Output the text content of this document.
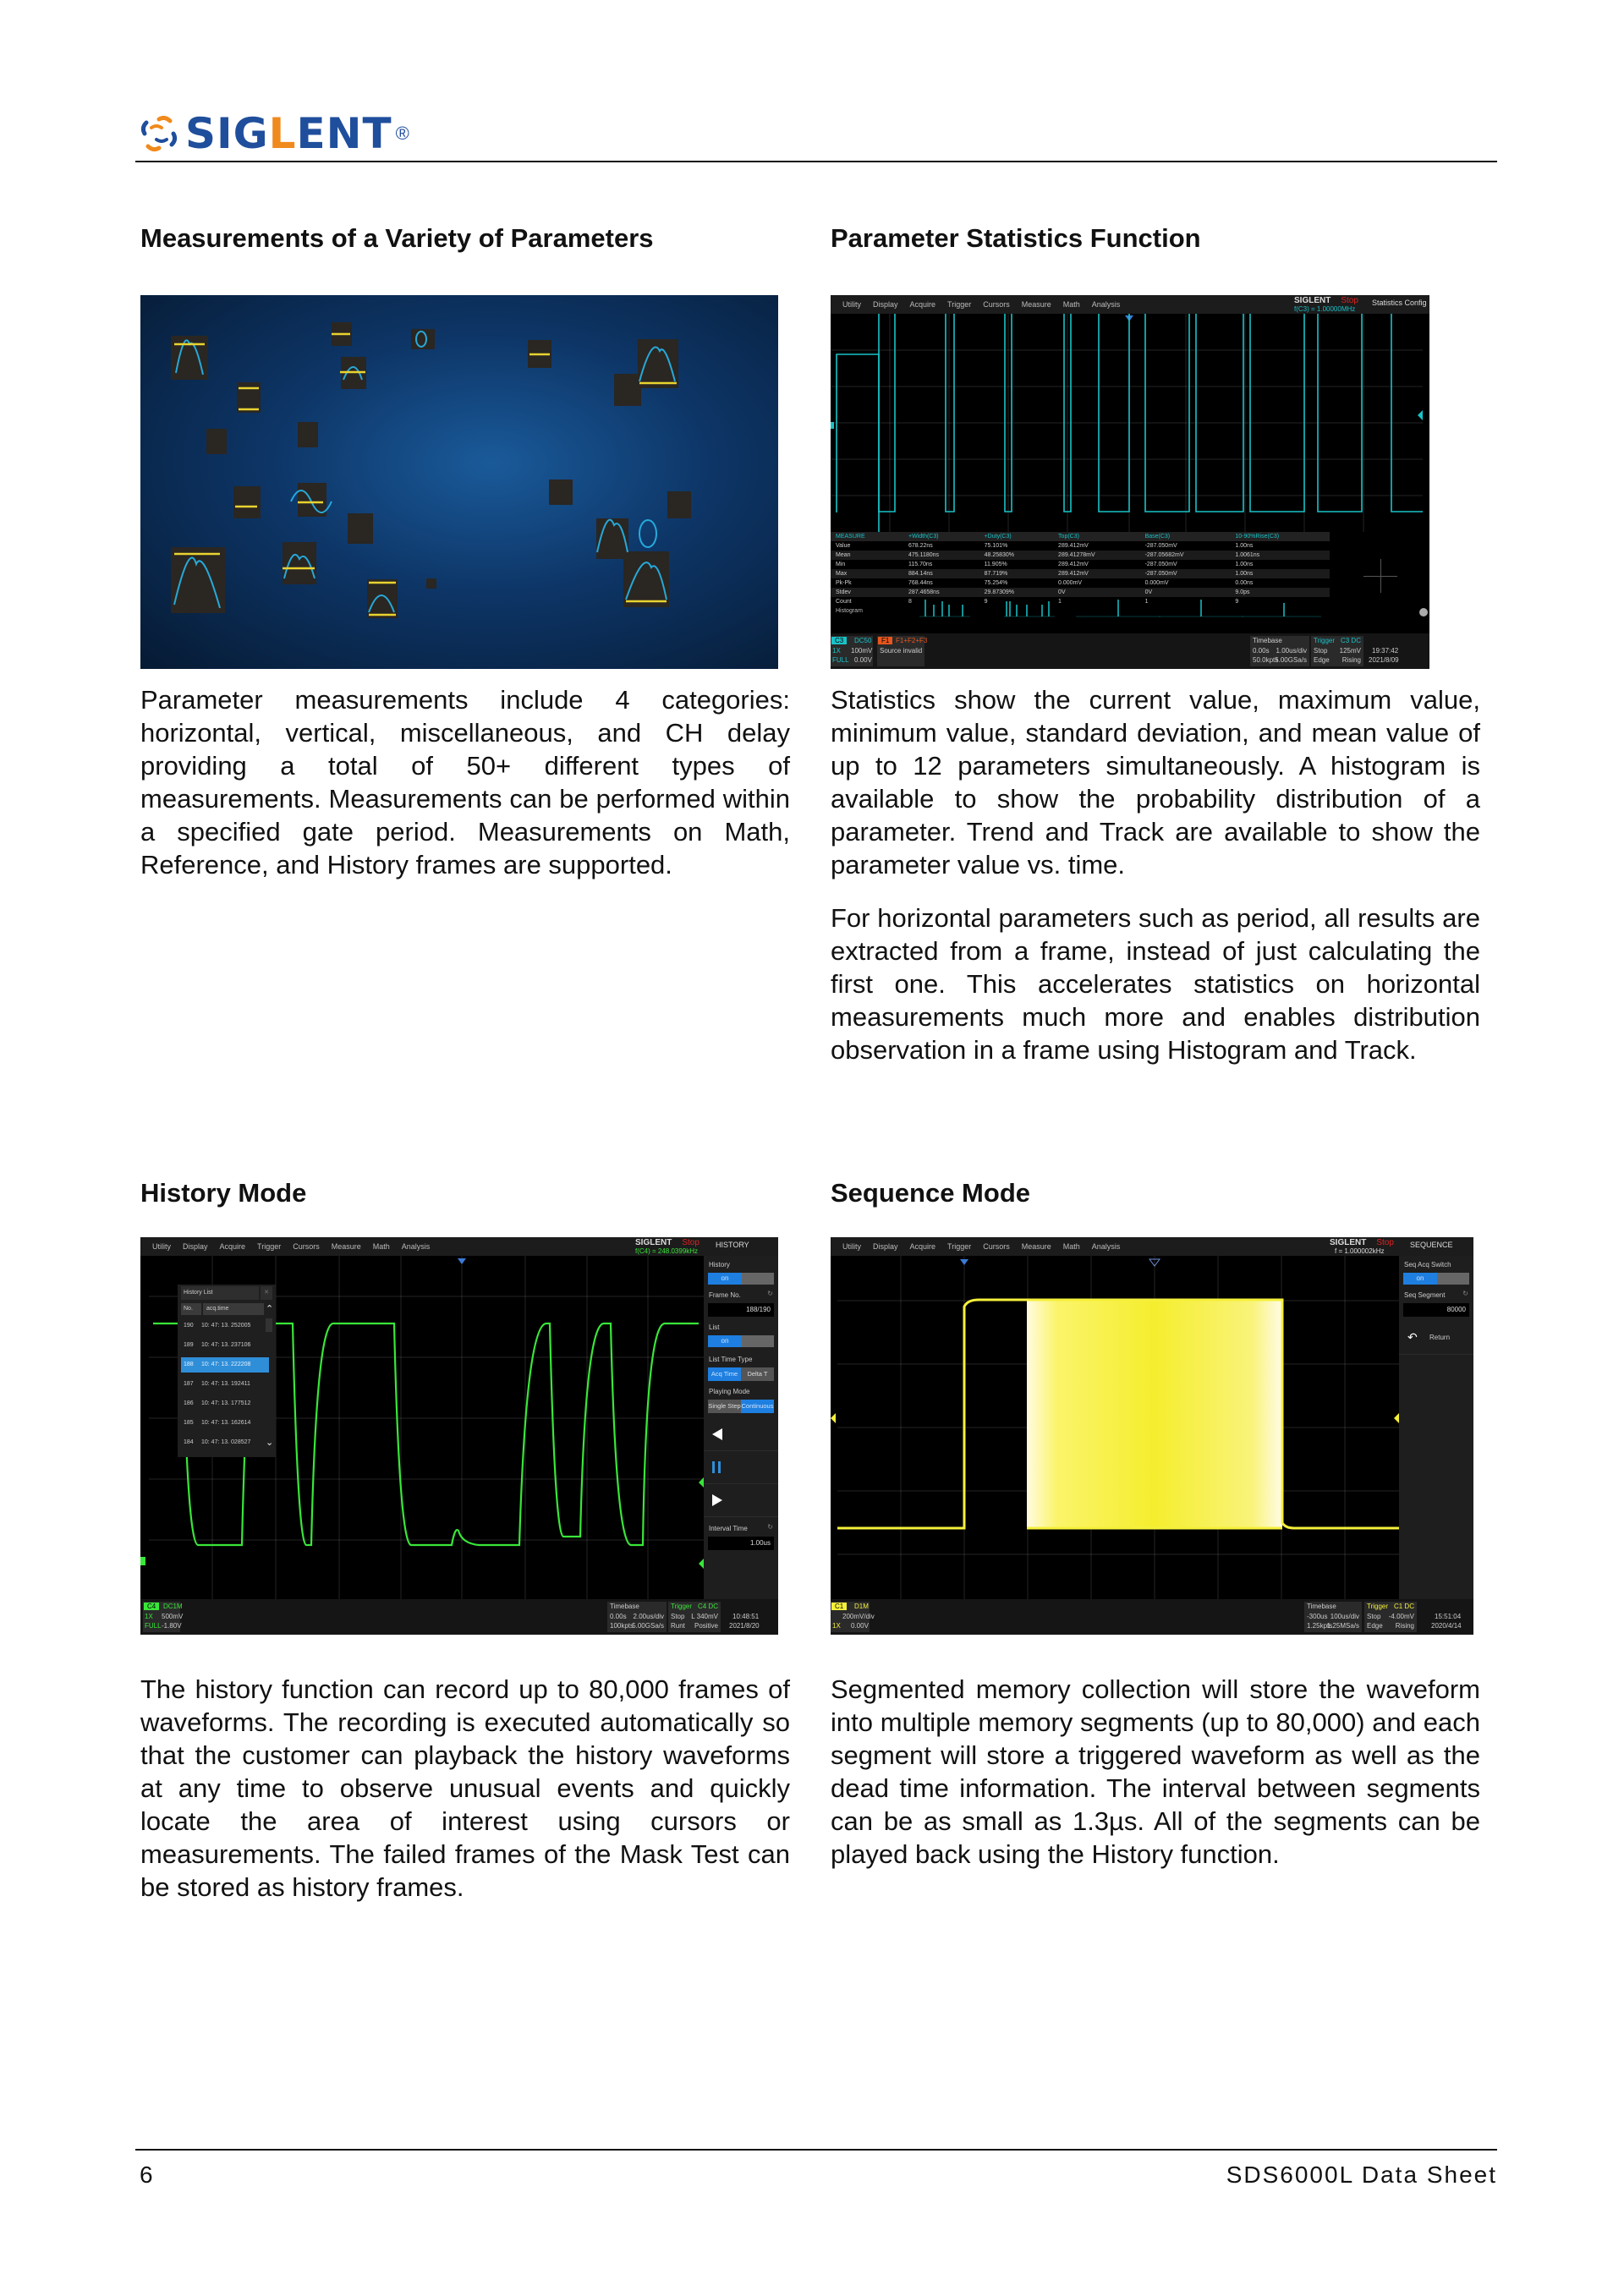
SIGLENT ®
Measurements of a Variety of Parameters

Parameter measurements include 4 categories: horizontal, vertical, miscellaneous, and CH delay providing a total of 50+ different types of measurements. Measurements can be performed within a specified gate period. Measurements on Math, Reference, and History frames are supported.

Parameter Statistics Function
Utility Display Acquire Trigger Cursors Measure Math Analysis	SIGLENT Stop
f(C3) = 1.00000MHz
Statistics Config
MEASURE	+Width(C3)	+Duty(C3)	Top(C3)	Base(C3)	10-90%Rise(C3)
Value	678.22ns	75.101%	289.412mV	-287.050mV	1.00ns
Mean	475.1180ns	48.25830%	289.41278mV	-287.05682mV	1.0061ns
Min	115.70ns	11.905%	289.412mV	-287.050mV	1.00ns
Max	884.14ns	87.719%	289.412mV	-287.050mV	1.00ns
Pk-Pk	768.44ns	75.254%	0.000mV	0.000mV	0.00ns
Stdev	287.4658ns	29.87309%	0V	0V	9.0ps
Count	8	9	1	1	9
Histogram
C3	DC50
1X 100mV
FULL 0.00V
F1 F1+F2+F3
Source invalid
Timebase
0.00s 1.00us/div
50.0kpts
5.00GSa/s
Trigger C3 DC
Stop 125mV
Edge Rising
19:37:42
2021/8/09

Statistics show the current value, maximum value, minimum value, standard deviation, and mean value of up to 12 parameters simultaneously. A histogram is available to show the probability distribution of a parameter. Trend and Track are available to show the parameter value vs. time.

For horizontal parameters such as period, all results are extracted from a frame, instead of just calculating the first one. This accelerates statistics on horizontal measurements much more and enables distribution observation in a frame using Histogram and Track.

History Mode
Utility Display Acquire Trigger Cursors Measure Math Analysis	SIGLENT Stop
f(C4) = 248.0399kHz
HISTORY
History List	✕
No.	acq.time	⌃
⌄
190 10: 47: 13. 252005
189 10: 47: 13. 237106
188 10: 47: 13. 222208
187 10: 47: 13. 192411
186 10: 47: 13. 177512
185 10: 47: 13. 162614
184 10: 47: 13. 028527
History
on
Frame No.	↻
188/190
List
on
List Time Type
Acq Time	Delta T
Playing Mode
Single Step Continuous
Interval Time	↻
1.00us
C4	DC1M
1X 500mV
FULL -1.80V
Timebase
0.00s 2.00us/div
100kpts
5.00GSa/s
Trigger C4 DC
Stop L 340mV
Runt Positive
10:48:51
2021/8/20

The history function can record up to 80,000 frames of waveforms. The recording is executed automatically so that the customer can playback the history waveforms at any time to observe unusual events and quickly locate the area of interest using cursors or measurements. The failed frames of the Mask Test can be stored as history frames.

Sequence Mode
Utility Display Acquire Trigger Cursors Measure Math Analysis	SIGLENT Stop
f = 1.000002kHz
SEQUENCE
Seq Acq Switch
on
Seq Segment	↻
80000
↶ Return
C1	D1M
200mV/div
1X 0.00V
Timebase
-300us 100us/div
1.25kpts
1.25MSa/s
Trigger C1 DC
Stop -4.00mV
Edge Rising
15:51:04
2020/4/14

Segmented memory collection will store the waveform into multiple memory segments (up to 80,000) and each segment will store a triggered waveform as well as the dead time information. The interval between segments can be as small as 1.3µs. All of the segments can be played back using the History function.

6	SDS6000L Data Sheet
